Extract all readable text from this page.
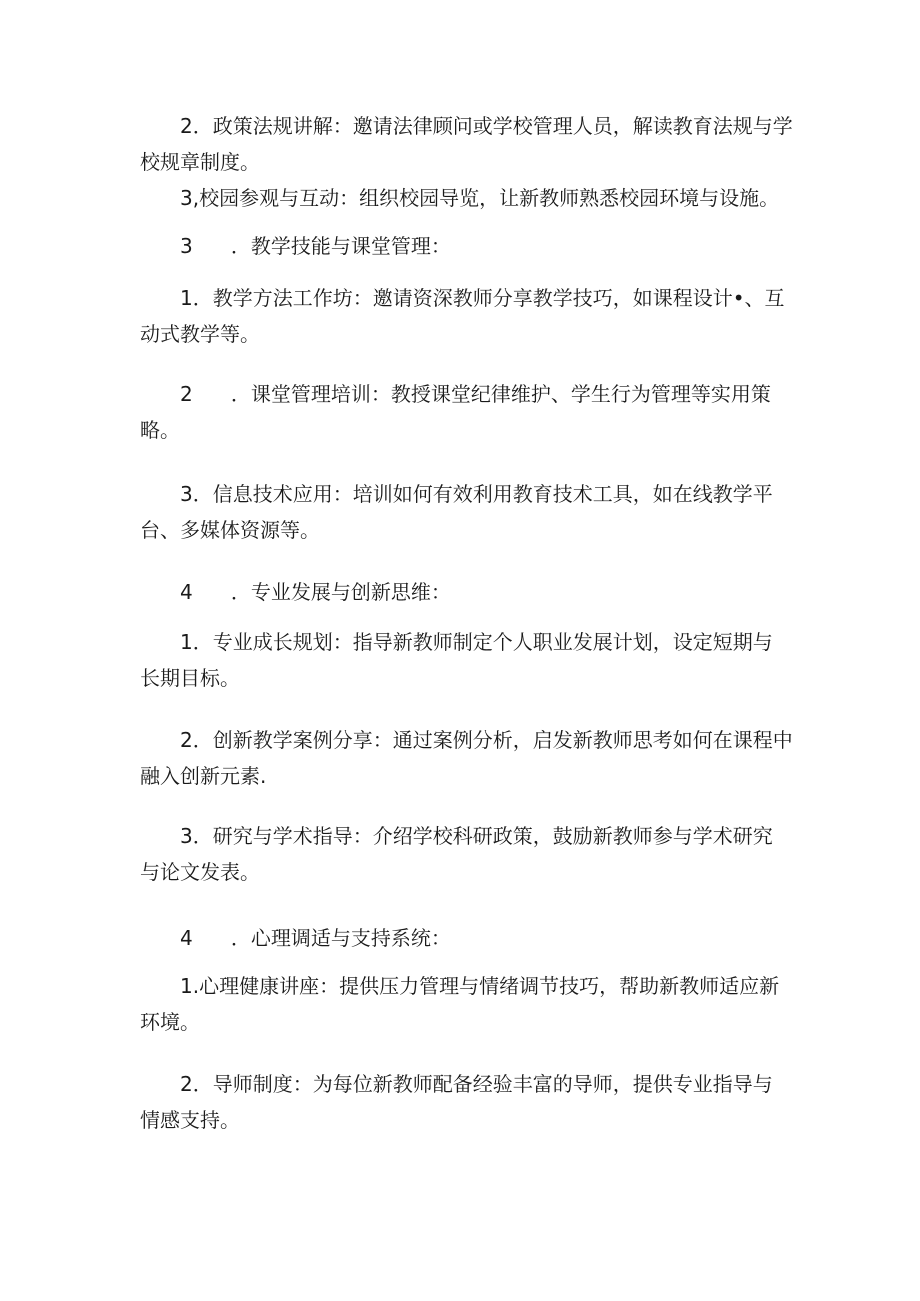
2．政策法规讲解：邀请法律顾问或学校管理人员，解读教育法规与学
校规章制度。

3,校园参观与互动：组织校园导览，让新教师熟悉校园环境与设施。

3      ．教学技能与课堂管理：

1．教学方法工作坊：邀请资深教师分享教学技巧，如课程设计•、互
动式教学等。

2      ．课堂管理培训：教授课堂纪律维护、学生行为管理等实用策
略。

3．信息技术应用：培训如何有效利用教育技术工具，如在线教学平
台、多媒体资源等。

4      ．专业发展与创新思维：

1．专业成长规划：指导新教师制定个人职业发展计划，设定短期与
长期目标。

2．创新教学案例分享：通过案例分析，启发新教师思考如何在课程中
融入创新元素.

3．研究与学术指导：介绍学校科研政策，鼓励新教师参与学术研究
与论文发表。

4      ．心理调适与支持系统：

1.心理健康讲座：提供压力管理与情绪调节技巧，帮助新教师适应新
环境。

2．导师制度：为每位新教师配备经验丰富的导师，提供专业指导与
情感支持。
